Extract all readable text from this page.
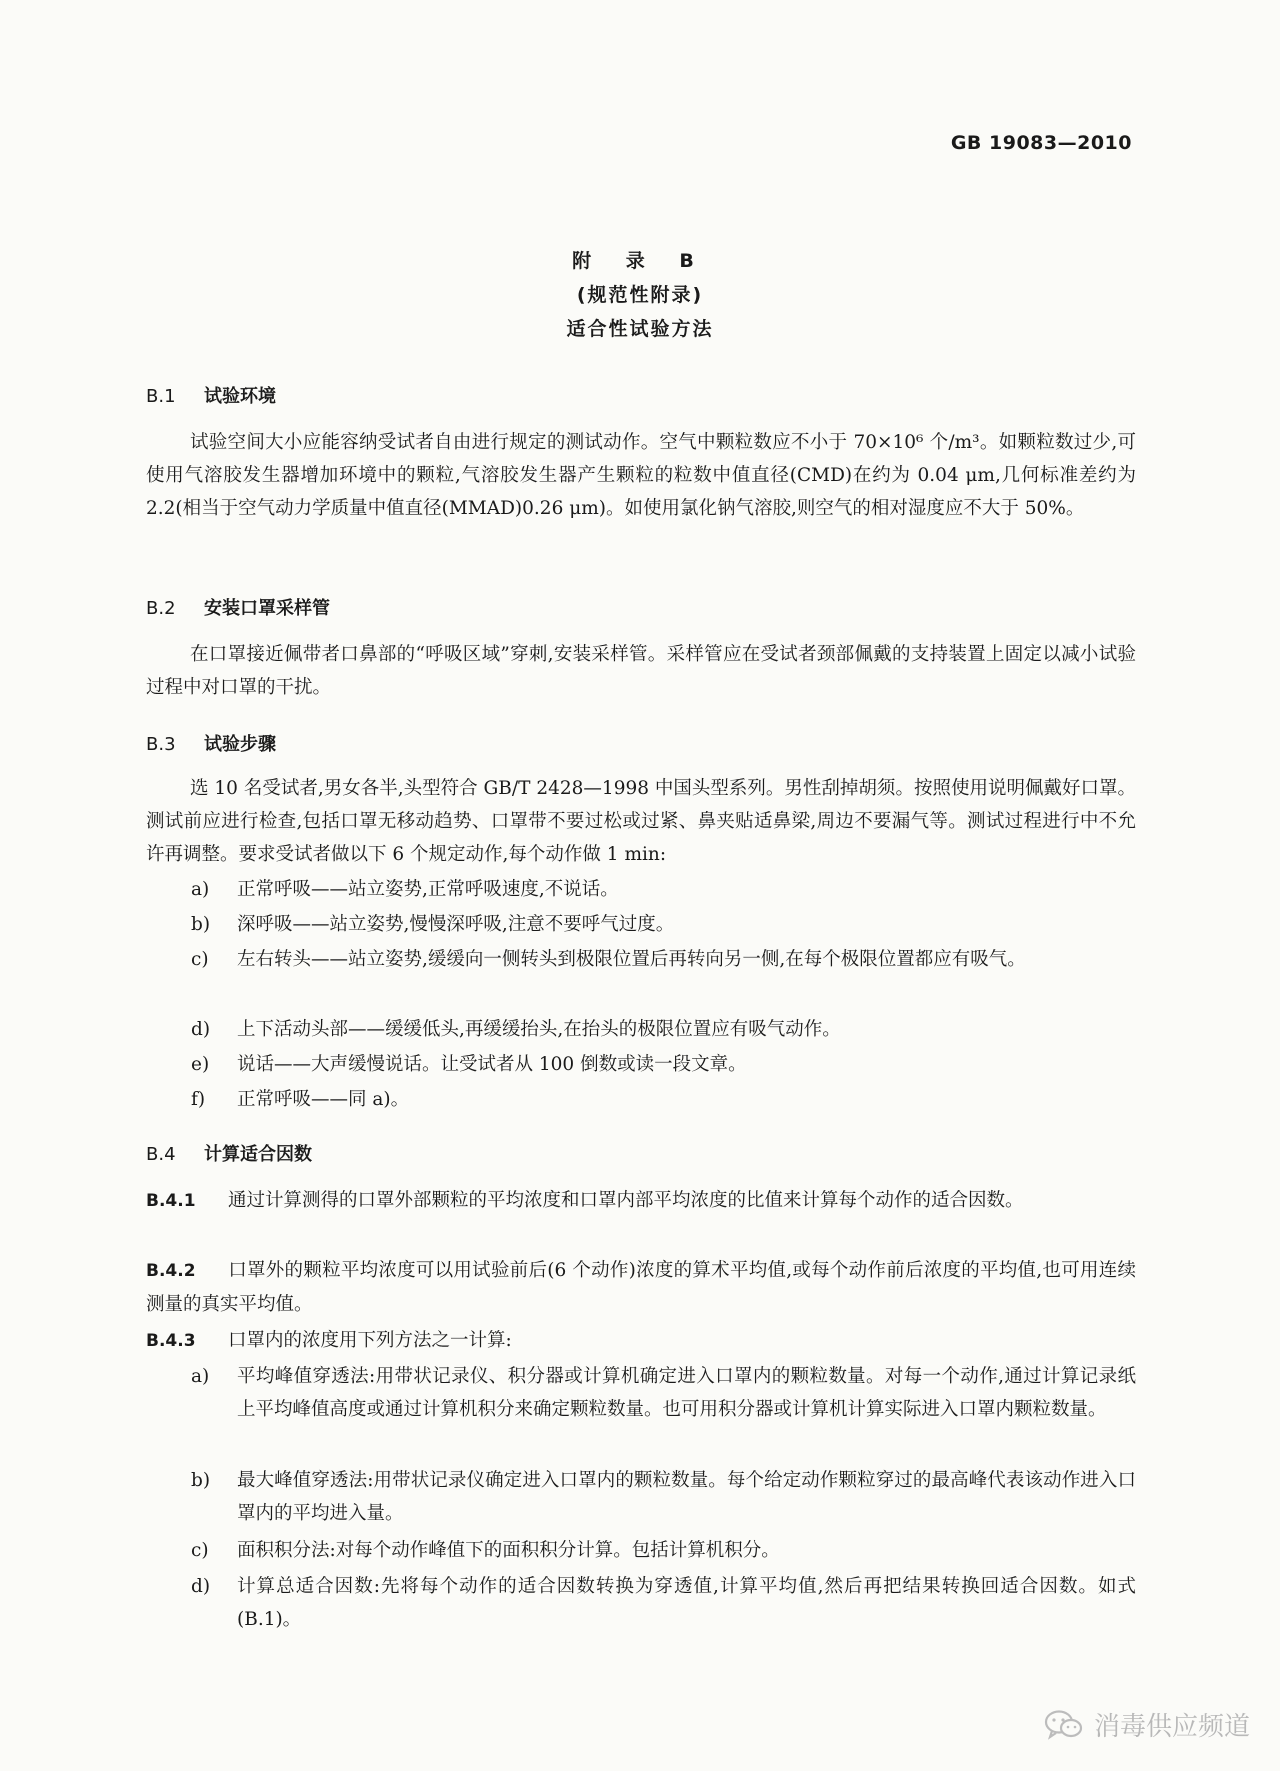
GB 19083—2010
附 录 B
(规范性附录)
适合性试验方法
B.1 试验环境
试验空间大小应能容纳受试者自由进行规定的测试动作。空气中颗粒数应不小于 70×10⁶ 个/m³。如颗粒数过少,可使用气溶胶发生器增加环境中的颗粒,气溶胶发生器产生颗粒的粒数中值直径(CMD)在约为 0.04 μm,几何标准差约为 2.2(相当于空气动力学质量中值直径(MMAD)0.26 μm)。如使用氯化钠气溶胶,则空气的相对湿度应不大于 50%。
B.2 安装口罩采样管
在口罩接近佩带者口鼻部的“呼吸区域”穿刺,安装采样管。采样管应在受试者颈部佩戴的支持装置上固定以减小试验过程中对口罩的干扰。
B.3 试验步骤
选 10 名受试者,男女各半,头型符合 GB/T 2428—1998 中国头型系列。男性刮掉胡须。按照使用说明佩戴好口罩。测试前应进行检查,包括口罩无移动趋势、口罩带不要过松或过紧、鼻夹贴适鼻梁,周边不要漏气等。测试过程进行中不允许再调整。要求受试者做以下 6 个规定动作,每个动作做 1 min:
a)	正常呼吸——站立姿势,正常呼吸速度,不说话。
b)	深呼吸——站立姿势,慢慢深呼吸,注意不要呼气过度。
c)	左右转头——站立姿势,缓缓向一侧转头到极限位置后再转向另一侧,在每个极限位置都应有吸气。
d)	上下活动头部——缓缓低头,再缓缓抬头,在抬头的极限位置应有吸气动作。
e)	说话——大声缓慢说话。让受试者从 100 倒数或读一段文章。
f)	正常呼吸——同 a)。
B.4 计算适合因数
B.4.1 通过计算测得的口罩外部颗粒的平均浓度和口罩内部平均浓度的比值来计算每个动作的适合因数。
B.4.2 口罩外的颗粒平均浓度可以用试验前后(6 个动作)浓度的算术平均值,或每个动作前后浓度的平均值,也可用连续测量的真实平均值。
B.4.3 口罩内的浓度用下列方法之一计算:
a)	平均峰值穿透法:用带状记录仪、积分器或计算机确定进入口罩内的颗粒数量。对每一个动作,通过计算记录纸上平均峰值高度或通过计算机积分来确定颗粒数量。也可用积分器或计算机计算实际进入口罩内颗粒数量。
b)	最大峰值穿透法:用带状记录仪确定进入口罩内的颗粒数量。每个给定动作颗粒穿过的最高峰代表该动作进入口罩内的平均进入量。
c)	面积积分法:对每个动作峰值下的面积积分计算。包括计算机积分。
d)	计算总适合因数:先将每个动作的适合因数转换为穿透值,计算平均值,然后再把结果转换回适合因数。如式(B.1)。
消毒供应频道
